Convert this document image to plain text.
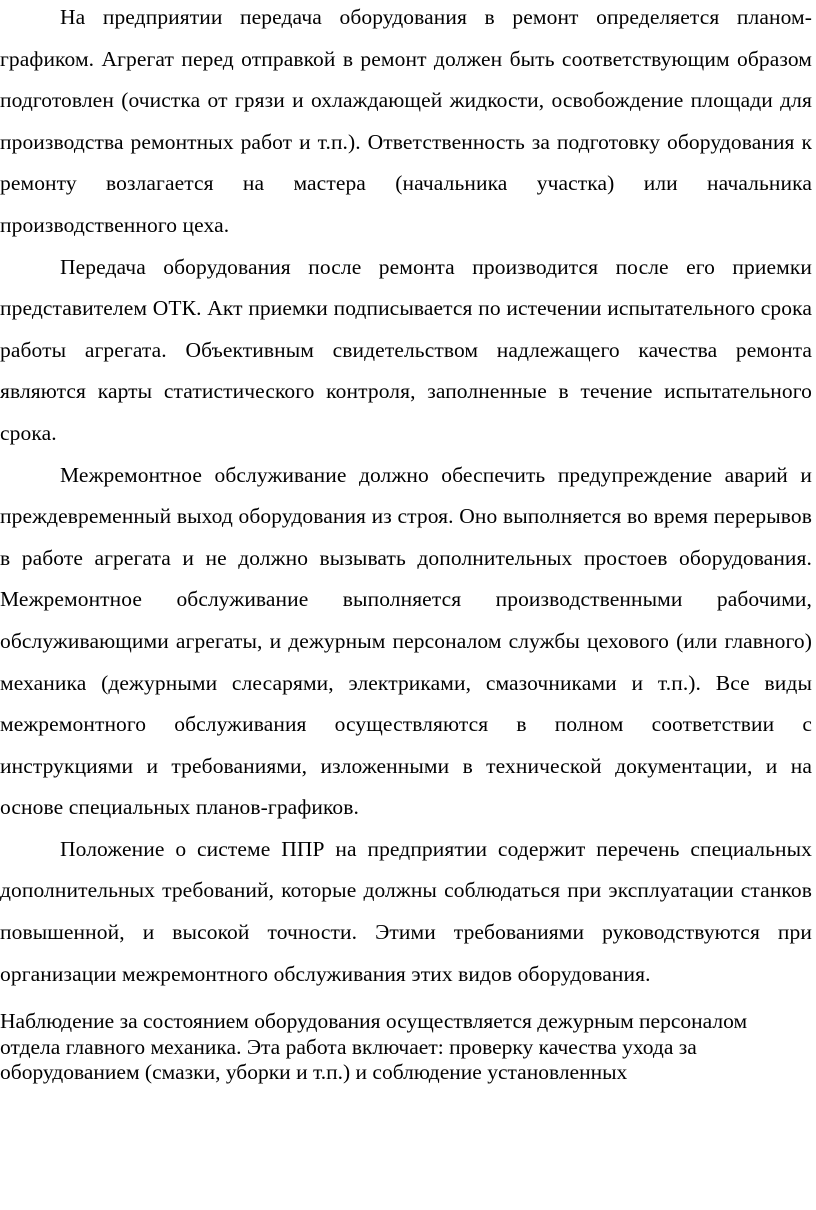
На предприятии передача оборудования в ремонт определяется планом-графиком. Агрегат перед отправкой в ремонт должен быть соответствующим образом подготовлен (очистка от грязи и охлаждающей жидкости, освобождение площади для производства ремонтных работ и т.п.). Ответственность за подготовку оборудования к ремонту возлагается на мастера (начальника участка) или начальника производственного цеха.

Передача оборудования после ремонта производится после его приемки представителем ОТК. Акт приемки подписывается по истечении испытательного срока работы агрегата. Объективным свидетельством надлежащего качества ремонта являются карты статистического контроля, заполненные в течение испытательного срока.

Межремонтное обслуживание должно обеспечить предупреждение аварий и преждевременный выход оборудования из строя. Оно выполняется во время перерывов в работе агрегата и не должно вызывать дополнительных простоев оборудования. Межремонтное обслуживание выполняется производственными рабочими, обслуживающими агрегаты, и дежурным персоналом службы цехового (или главного) механика (дежурными слесарями, электриками, смазочниками и т.п.). Все виды межремонтного обслуживания осуществляются в полном соответствии с инструкциями и требованиями, изложенными в технической документации, и на основе специальных планов-графиков.

Положение о системе ППР на предприятии содержит перечень специальных дополнительных требований, которые должны соблюдаться при эксплуатации станков повышенной, и высокой точности. Этими требованиями руководствуются при организации межремонтного обслуживания этих видов оборудования.

Наблюдение за состоянием оборудования осуществляется дежурным персоналом отдела главного механика. Эта работа включает: проверку качества ухода за оборудованием (смазки, уборки и т.п.) и соблюдение установленных
